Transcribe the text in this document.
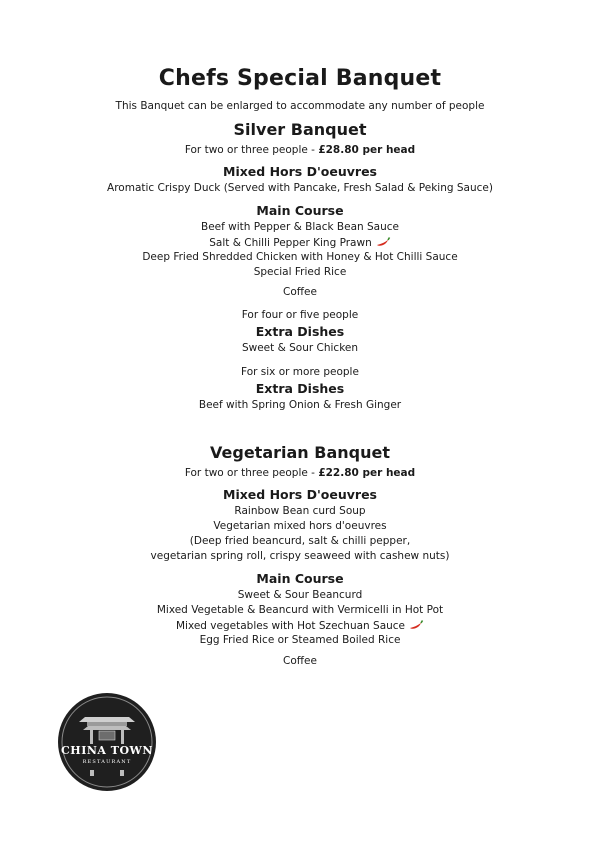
Chefs Special Banquet
This Banquet can be enlarged to accommodate any number of people
Silver Banquet
For two or three people - £28.80 per head
Mixed Hors D'oeuvres
Aromatic Crispy Duck (Served with Pancake, Fresh Salad & Peking Sauce)
Main Course
Beef with Pepper & Black Bean Sauce
Salt & Chilli Pepper King Prawn
Deep Fried Shredded Chicken with Honey & Hot Chilli Sauce
Special Fried Rice
Coffee
For four or five people
Extra Dishes
Sweet & Sour Chicken
For six or more people
Extra Dishes
Beef with Spring Onion & Fresh Ginger
Vegetarian Banquet
For two or three people - £22.80 per head
Mixed Hors D'oeuvres
Rainbow Bean curd Soup
Vegetarian mixed hors d'oeuvres
(Deep fried beancurd, salt & chilli pepper,
vegetarian spring roll, crispy seaweed with cashew nuts)
Main Course
Sweet & Sour Beancurd
Mixed Vegetable & Beancurd with Vermicelli in Hot Pot
Mixed vegetables with Hot Szechuan Sauce
Egg Fried Rice or Steamed Boiled Rice
Coffee
CHINA TOWN
RESTAURANT
